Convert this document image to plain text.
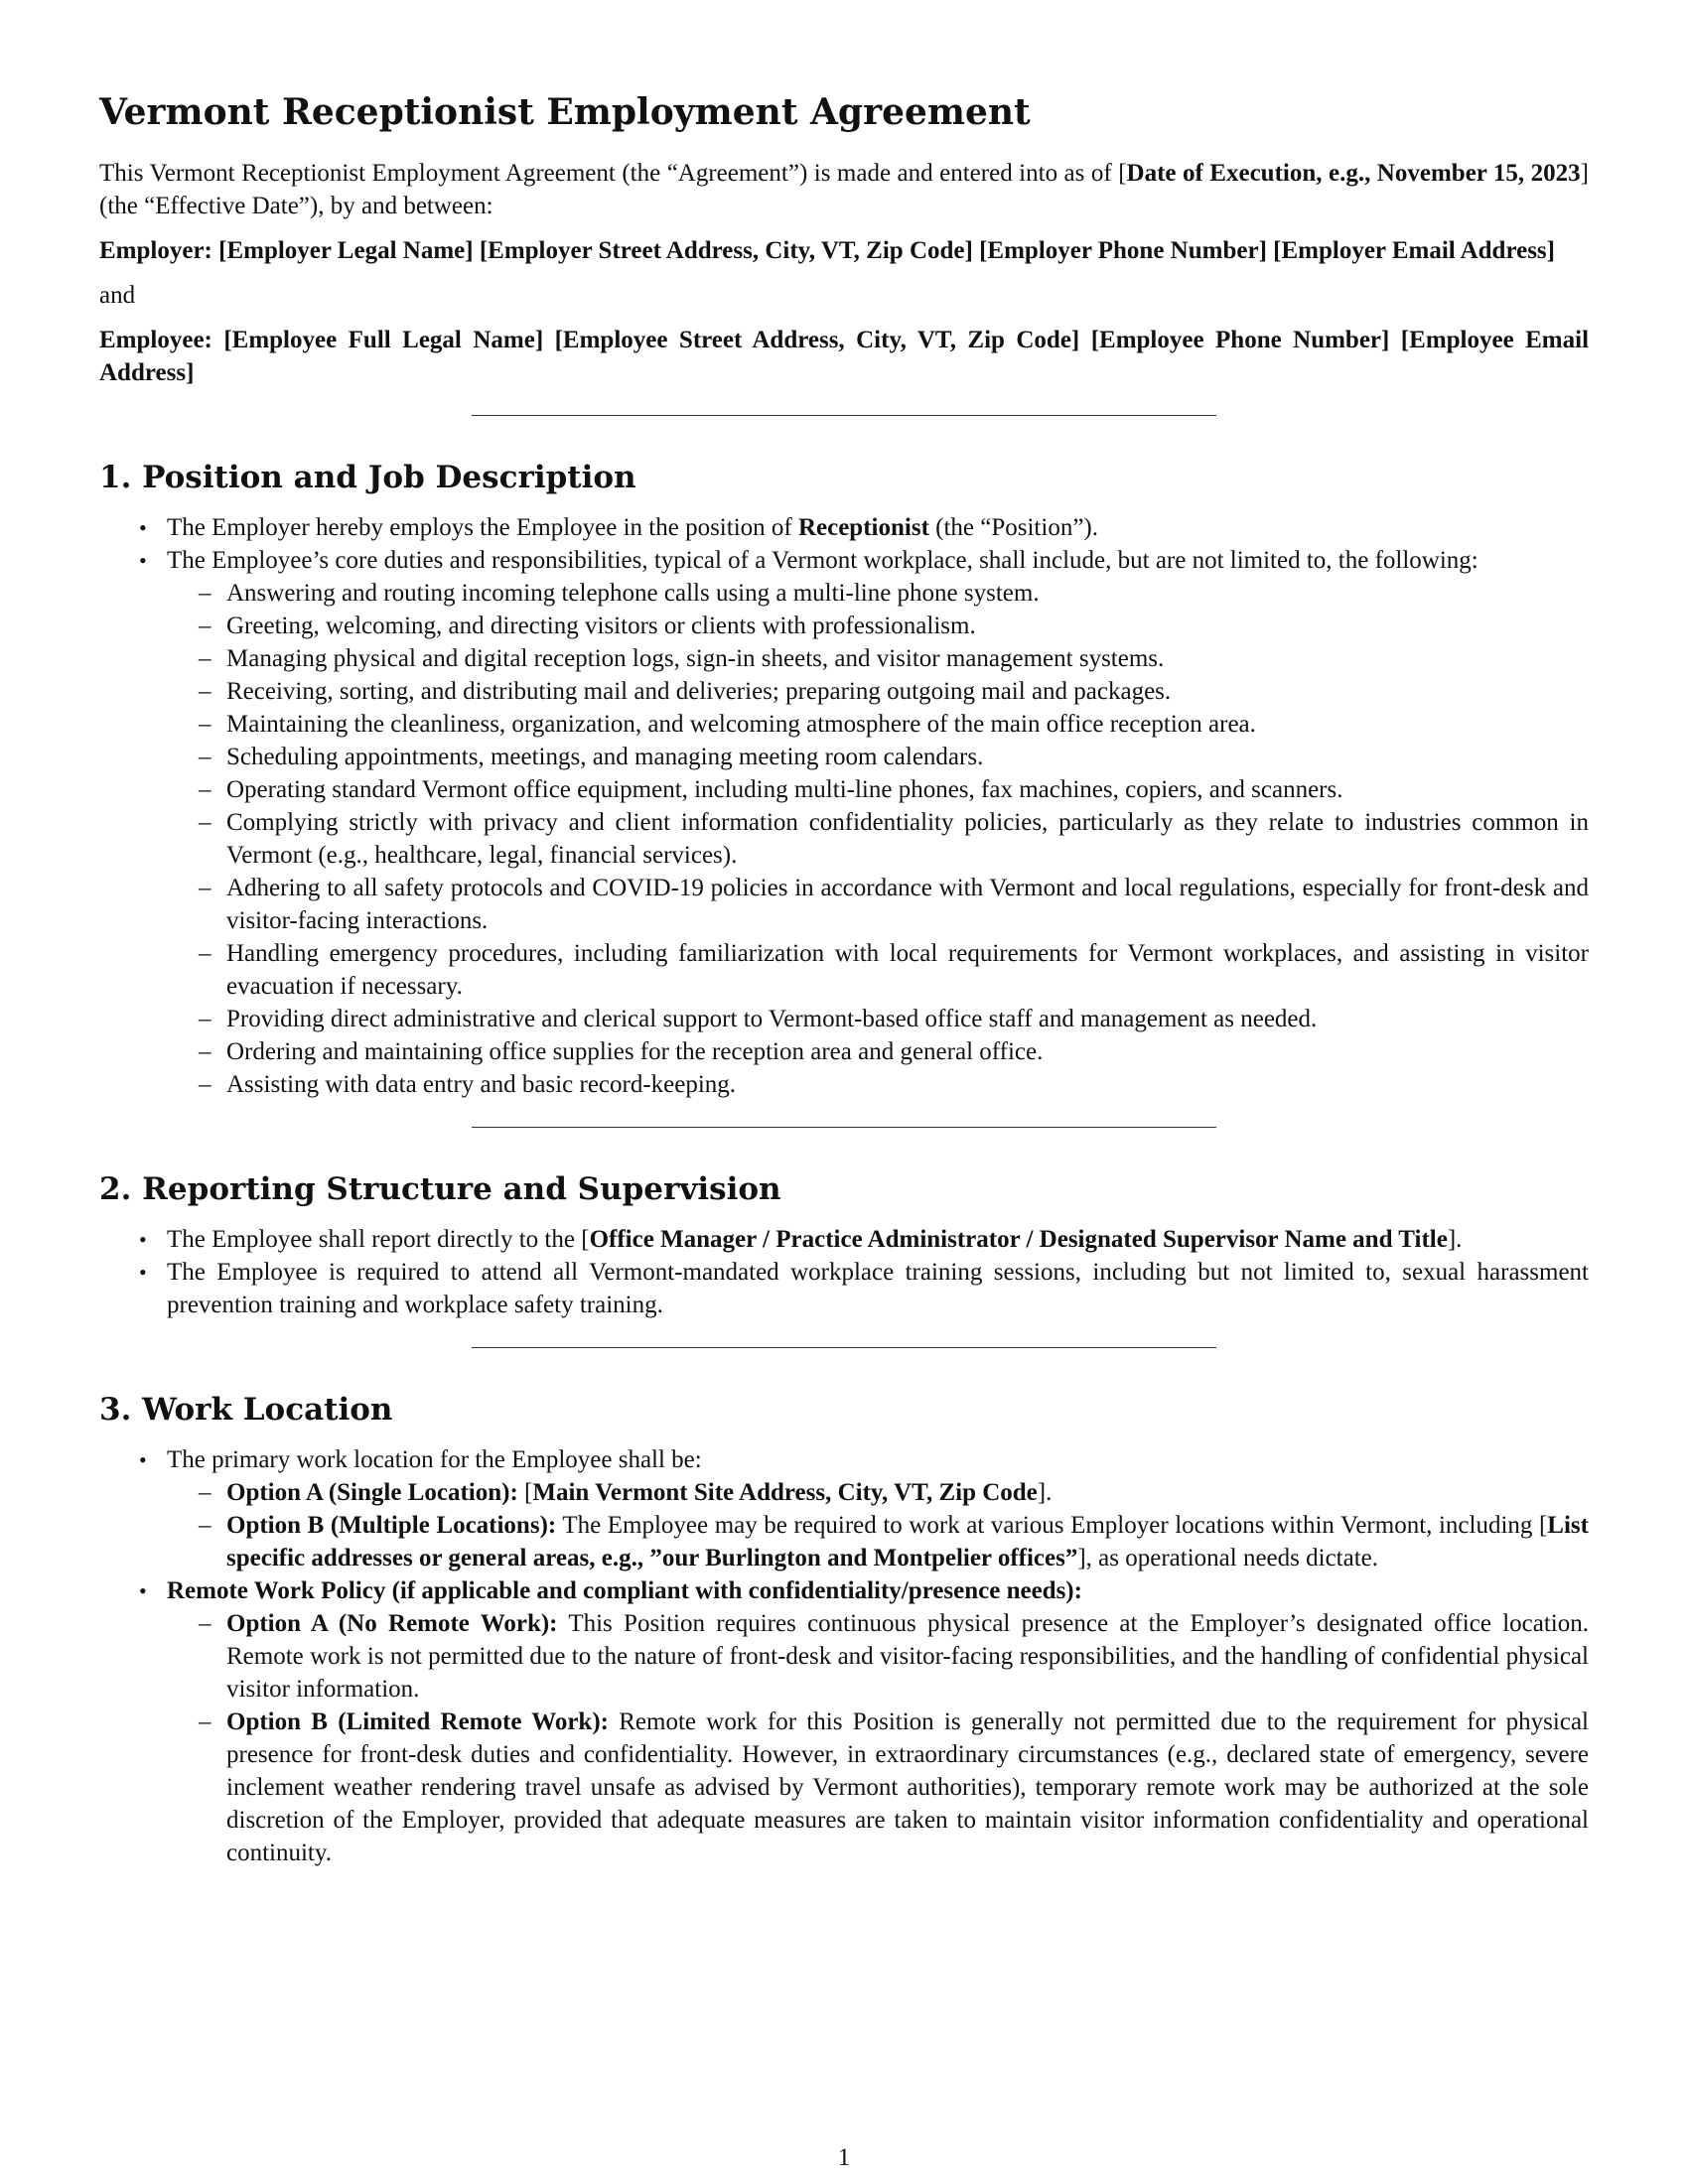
Vermont Receptionist Employment Agreement

This Vermont Receptionist Employment Agreement (the “Agreement”) is made and entered into as of [Date of Execution, e.g., November 15, 2023] (the “Effective Date”), by and between:

Employer: [Employer Legal Name] [Employer Street Address, City, VT, Zip Code] [Employer Phone Number] [Employer Email Address]

and

Employee: [Employee Full Legal Name] [Employee Street Address, City, VT, Zip Code] [Employee Phone Number] [Employee Email Address]

1. Position and Job Description
• The Employer hereby employs the Employee in the position of Receptionist (the “Position”).
• The Employee’s core duties and responsibilities, typical of a Vermont workplace, shall include, but are not limited to, the following:
– Answering and routing incoming telephone calls using a multi-line phone system.
– Greeting, welcoming, and directing visitors or clients with professionalism.
– Managing physical and digital reception logs, sign-in sheets, and visitor management systems.
– Receiving, sorting, and distributing mail and deliveries; preparing outgoing mail and packages.
– Maintaining the cleanliness, organization, and welcoming atmosphere of the main office reception area.
– Scheduling appointments, meetings, and managing meeting room calendars.
– Operating standard Vermont office equipment, including multi-line phones, fax machines, copiers, and scanners.
– Complying strictly with privacy and client information confidentiality policies, particularly as they relate to industries common in Vermont (e.g., healthcare, legal, financial services).
– Adhering to all safety protocols and COVID-19 policies in accordance with Vermont and local regulations, especially for front-desk and visitor-facing interactions.
– Handling emergency procedures, including familiarization with local requirements for Vermont workplaces, and assisting in visitor evacuation if necessary.
– Providing direct administrative and clerical support to Vermont-based office staff and management as needed.
– Ordering and maintaining office supplies for the reception area and general office.
– Assisting with data entry and basic record-keeping.
2. Reporting Structure and Supervision
• The Employee shall report directly to the [Office Manager / Practice Administrator / Designated Supervisor Name and Title].
• The Employee is required to attend all Vermont-mandated workplace training sessions, including but not limited to, sexual harassment prevention training and workplace safety training.
3. Work Location
• The primary work location for the Employee shall be:
– Option A (Single Location): [Main Vermont Site Address, City, VT, Zip Code].
– Option B (Multiple Locations): The Employee may be required to work at various Employer locations within Vermont, including [List specific addresses or general areas, e.g., ”our Burlington and Montpelier offices”], as operational needs dictate.
• Remote Work Policy (if applicable and compliant with confidentiality/presence needs):
– Option A (No Remote Work): This Position requires continuous physical presence at the Employer’s designated office location. Remote work is not permitted due to the nature of front-desk and visitor-facing responsibilities, and the handling of confidential physical visitor information.
– Option B (Limited Remote Work): Remote work for this Position is generally not permitted due to the requirement for physical presence for front-desk duties and confidentiality. However, in extraordinary circumstances (e.g., declared state of emergency, severe inclement weather rendering travel unsafe as advised by Vermont authorities), temporary remote work may be authorized at the sole discretion of the Employer, provided that adequate measures are taken to maintain visitor information confidentiality and operational continuity.
1
